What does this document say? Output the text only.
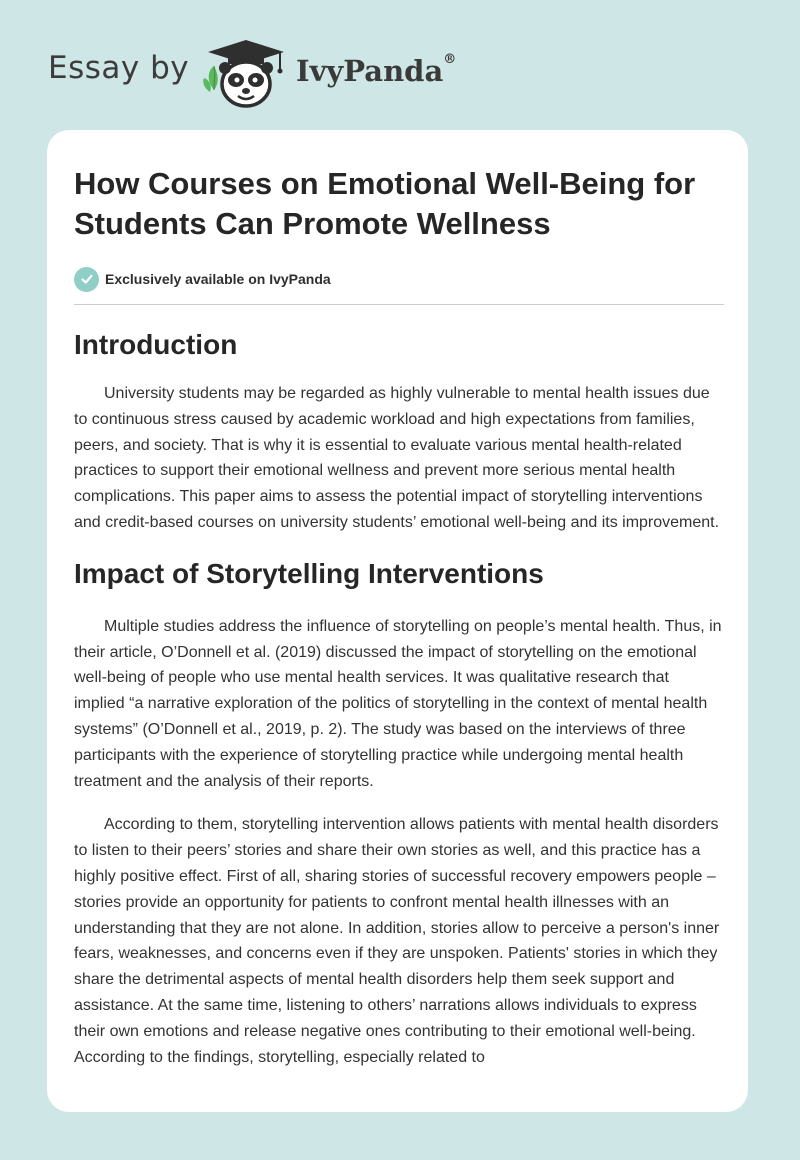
Essay by	IvyPanda®
How Courses on Emotional Well-Being for Students Can Promote Wellness
Exclusively available on IvyPanda
Introduction

University students may be regarded as highly vulnerable to mental health issues due to continuous stress caused by academic workload and high expectations from families, peers, and society. That is why it is essential to evaluate various mental health-related practices to support their emotional wellness and prevent more serious mental health complications. This paper aims to assess the potential impact of storytelling interventions and credit-based courses on university students’ emotional well-being and its improvement.

Impact of Storytelling Interventions

Multiple studies address the influence of storytelling on people’s mental health. Thus, in their article, O’Donnell et al. (2019) discussed the impact of storytelling on the emotional well-being of people who use mental health services. It was qualitative research that implied “a narrative exploration of the politics of storytelling in the context of mental health systems” (O’Donnell et al., 2019, p. 2). The study was based on the interviews of three participants with the experience of storytelling practice while undergoing mental health treatment and the analysis of their reports.

According to them, storytelling intervention allows patients with mental health disorders to listen to their peers’ stories and share their own stories as well, and this practice has a highly positive effect. First of all, sharing stories of successful recovery empowers people – stories provide an opportunity for patients to confront mental health illnesses with an understanding that they are not alone. In addition, stories allow to perceive a person's inner fears, weaknesses, and concerns even if they are unspoken. Patients' stories in which they share the detrimental aspects of mental health disorders help them seek support and assistance. At the same time, listening to others’ narrations allows individuals to express their own emotions and release negative ones contributing to their emotional well-being. According to the findings, storytelling, especially related to
